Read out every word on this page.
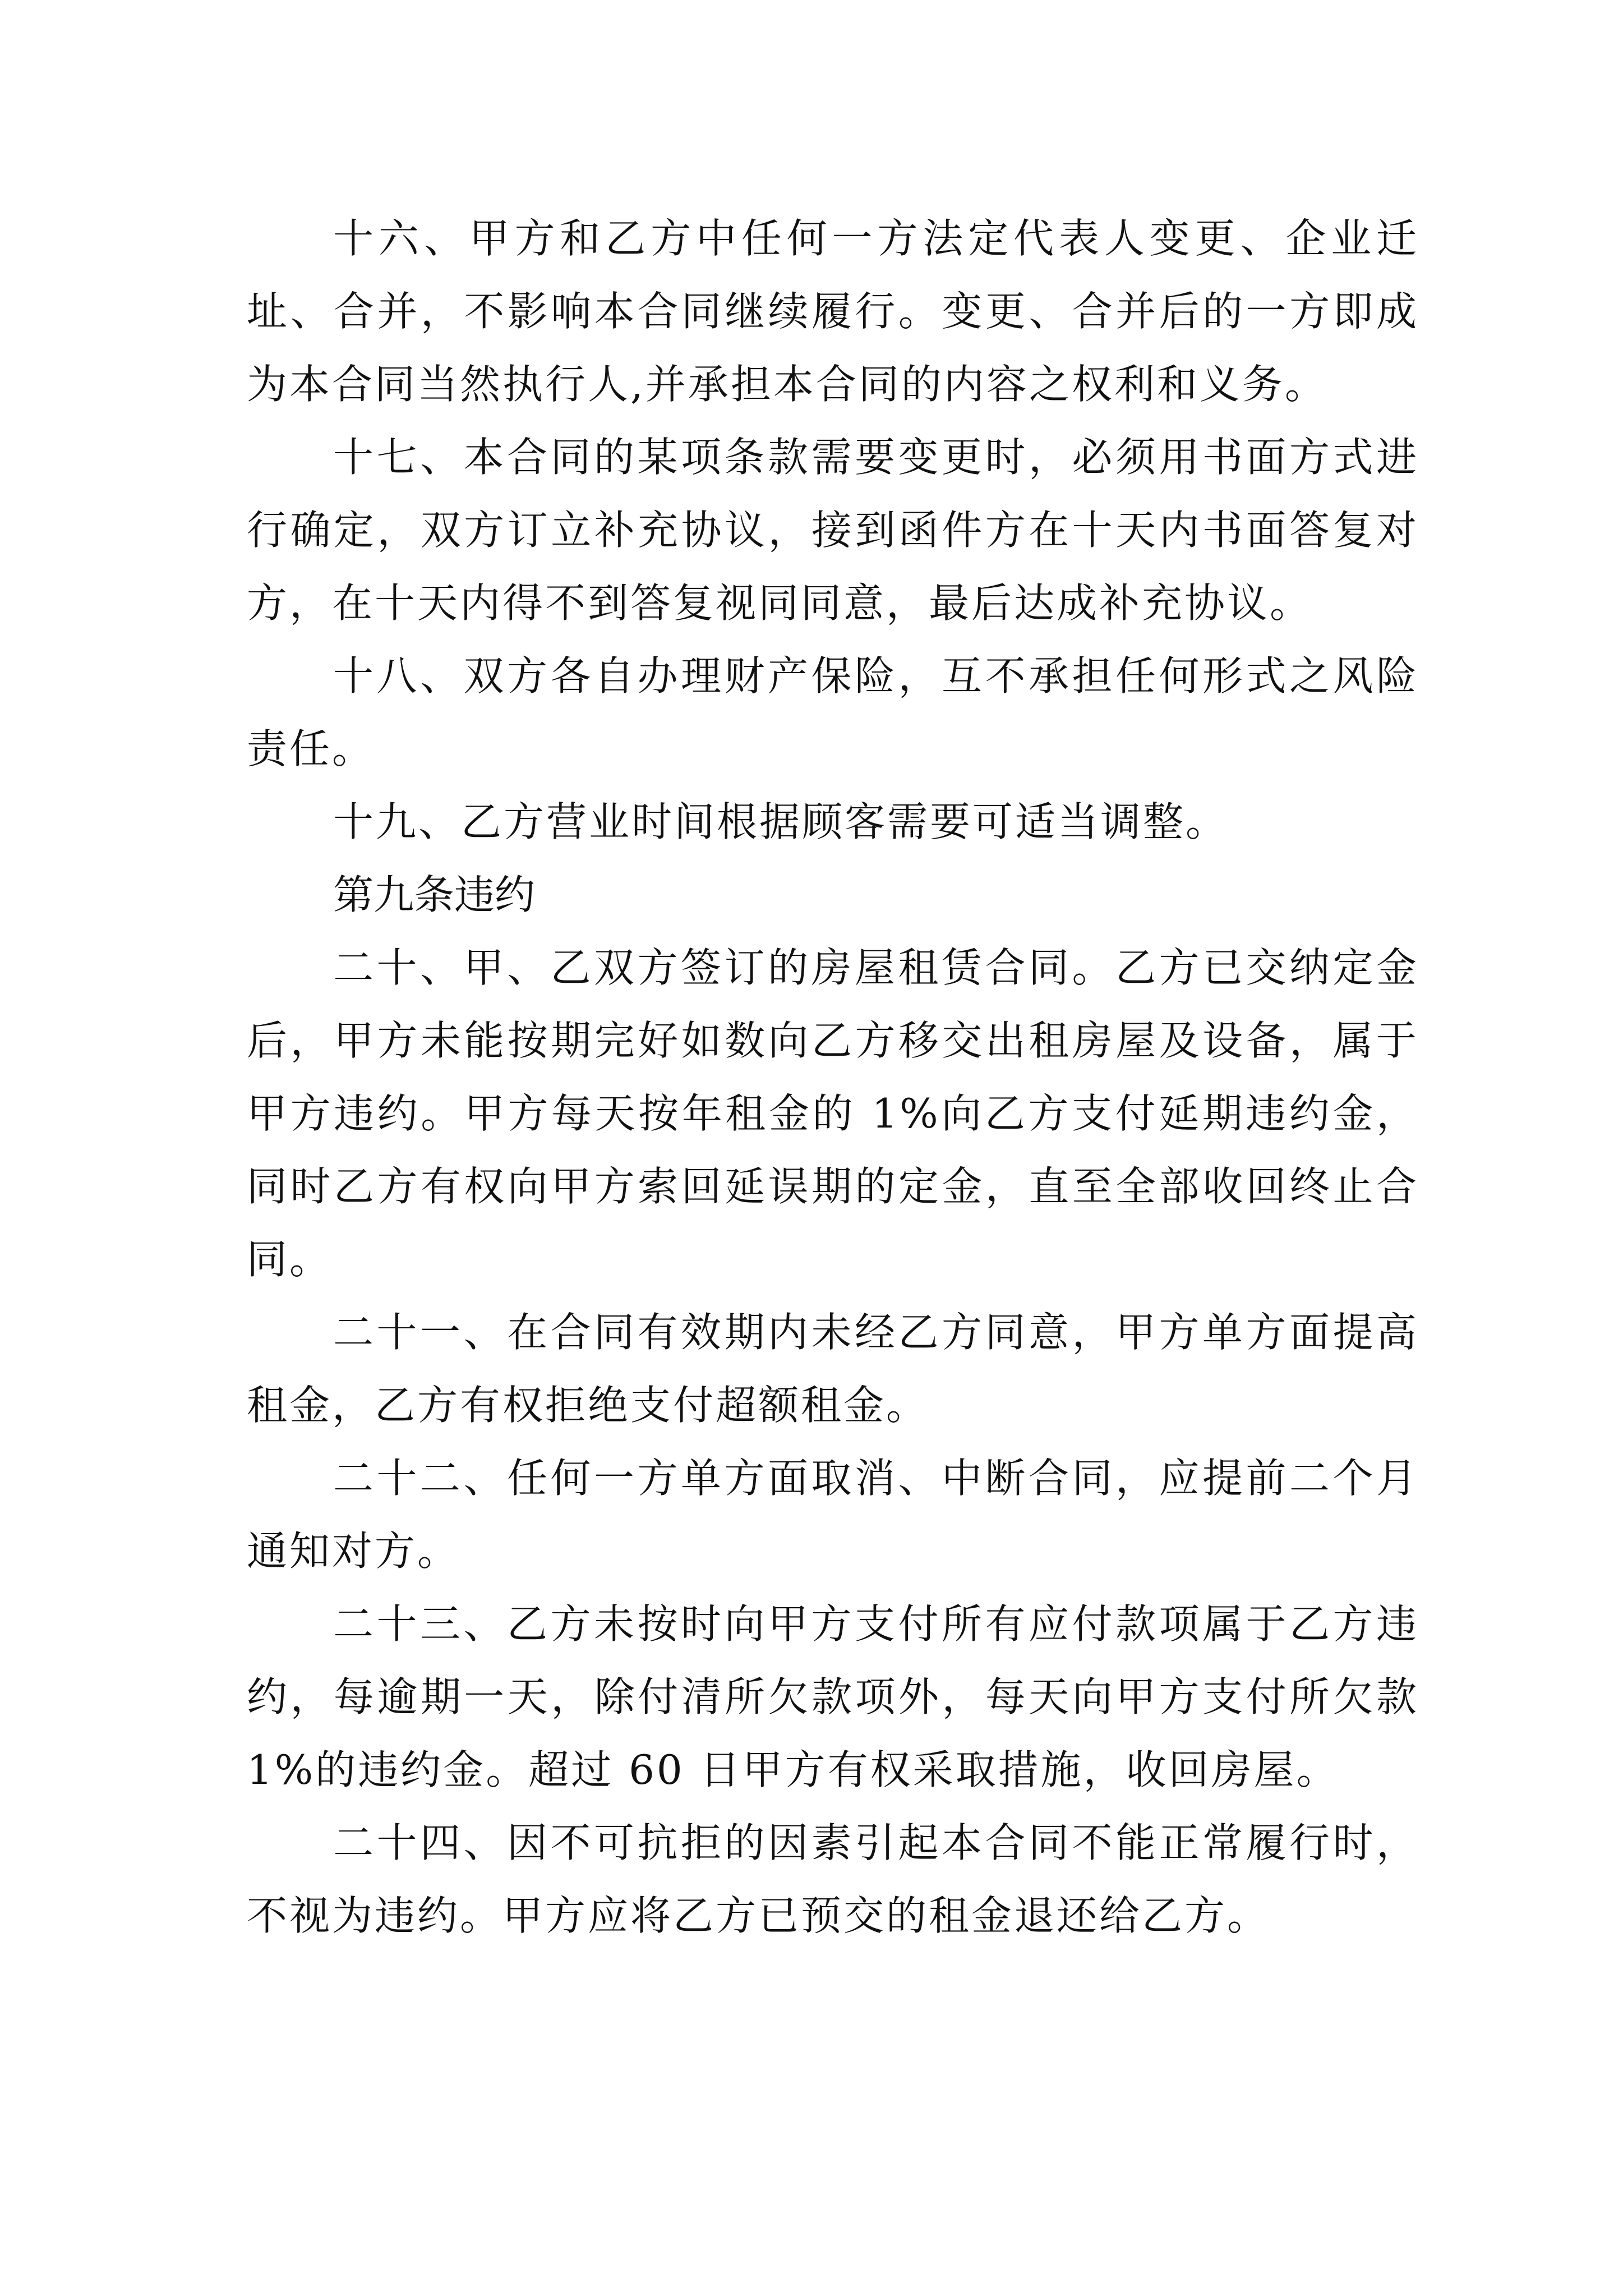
十六、甲方和乙方中任何一方法定代表人变更、企业迁址、合并，不影响本合同继续履行。变更、合并后的一方即成为本合同当然执行人,并承担本合同的内容之权利和义务。

十七、本合同的某项条款需要变更时，必须用书面方式进行确定，双方订立补充协议，接到函件方在十天内书面答复对方，在十天内得不到答复视同同意，最后达成补充协议。

十八、双方各自办理财产保险，互不承担任何形式之风险责任。

十九、乙方营业时间根据顾客需要可适当调整。

第九条违约

二十、甲、乙双方签订的房屋租赁合同。乙方已交纳定金后，甲方未能按期完好如数向乙方移交出租房屋及设备，属于甲方违约。甲方每天按年租金的 1%向乙方支付延期违约金，同时乙方有权向甲方索回延误期的定金，直至全部收回终止合同。

二十一、在合同有效期内未经乙方同意，甲方单方面提高租金，乙方有权拒绝支付超额租金。

二十二、任何一方单方面取消、中断合同，应提前二个月通知对方。

二十三、乙方未按时向甲方支付所有应付款项属于乙方违约，每逾期一天，除付清所欠款项外，每天向甲方支付所欠款 1%的违约金。超过 60 日甲方有权采取措施，收回房屋。

二十四、因不可抗拒的因素引起本合同不能正常履行时，不视为违约。甲方应将乙方已预交的租金退还给乙方。
